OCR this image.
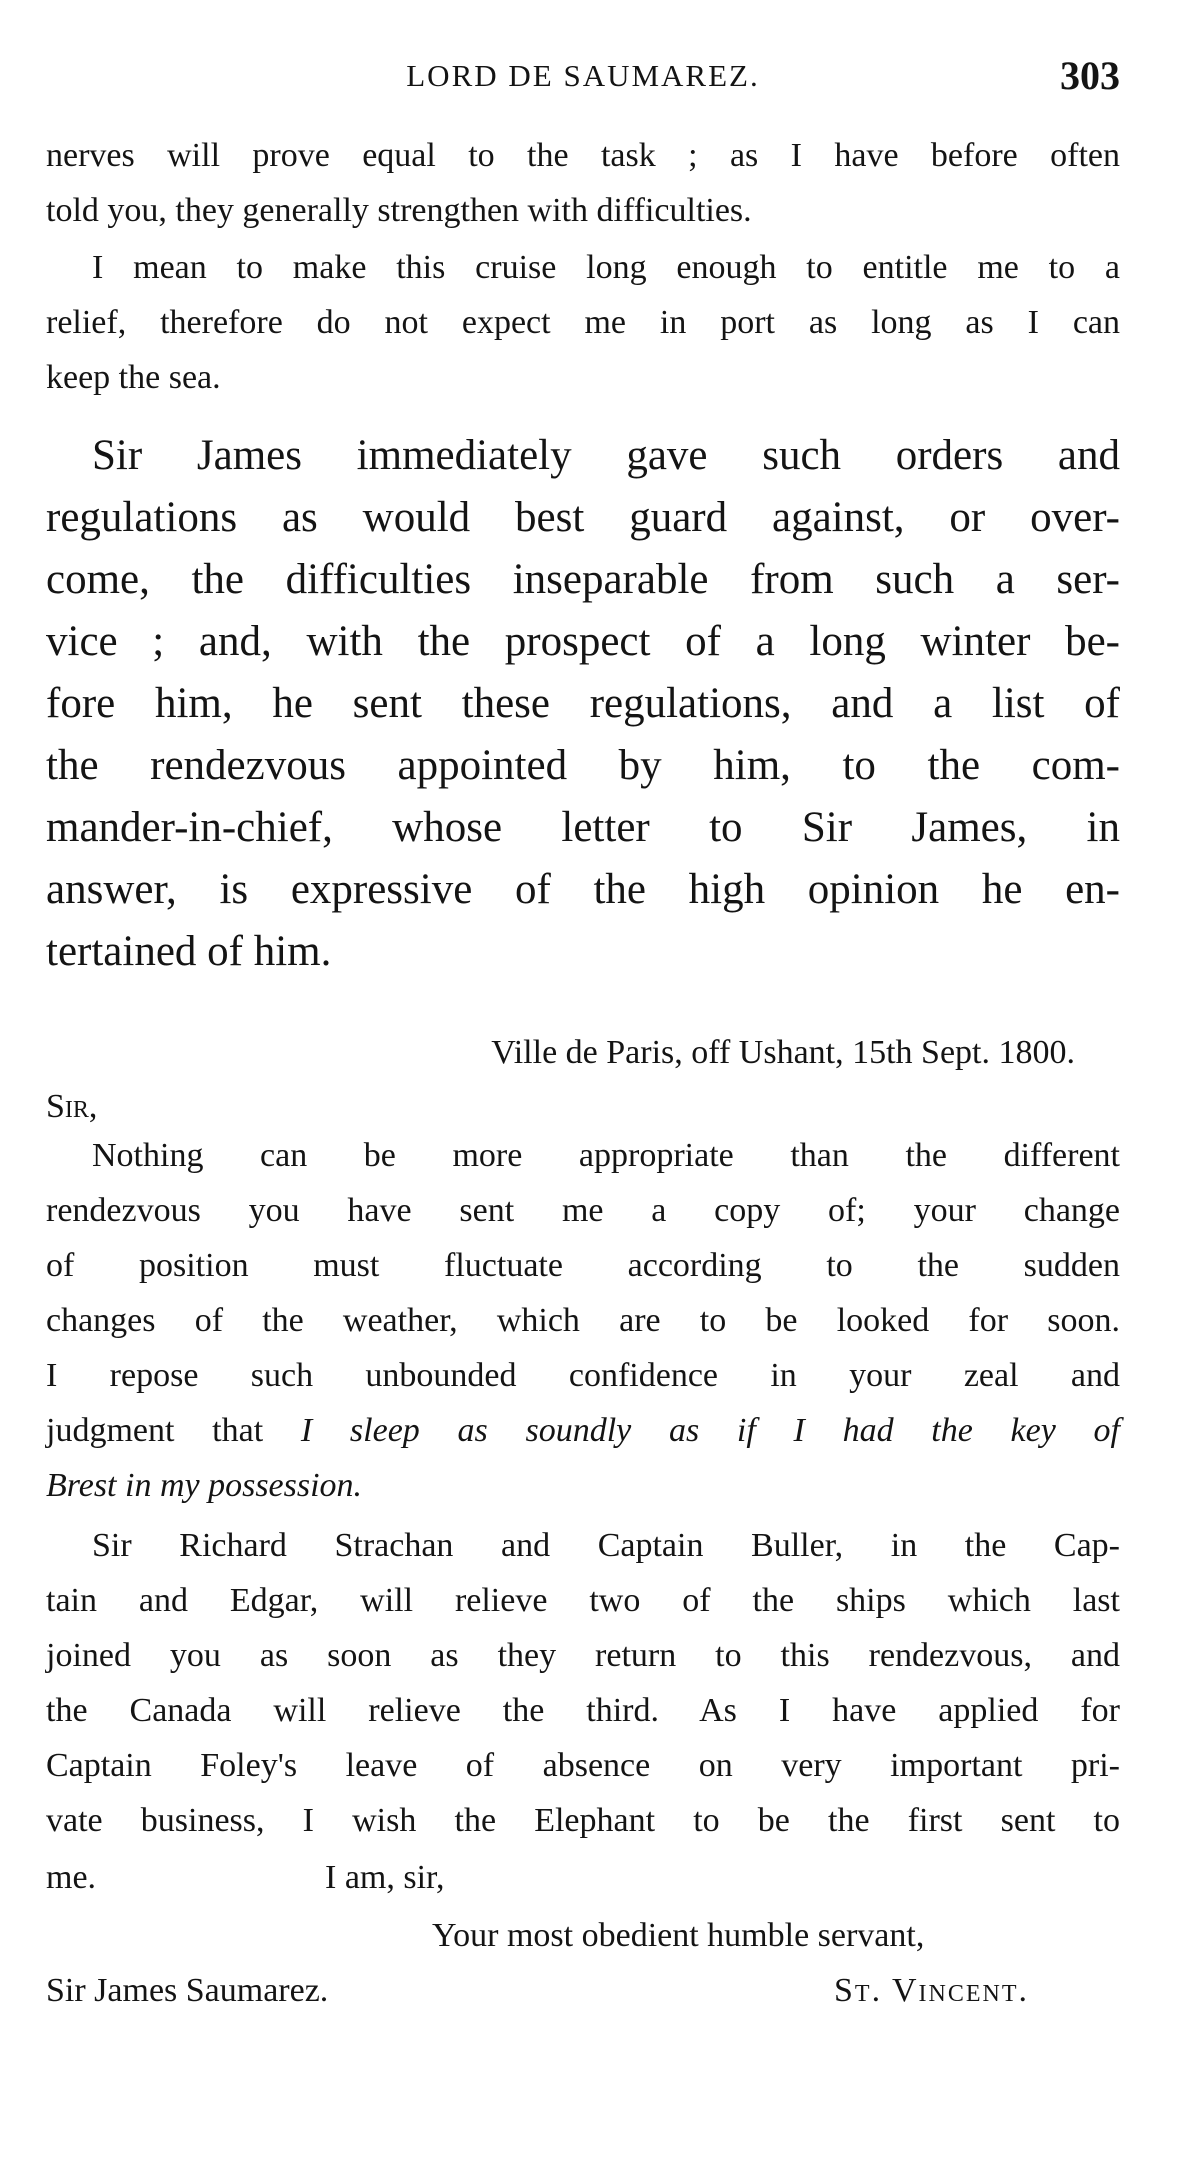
LORD DE SAUMAREZ.	303

nerves will prove equal to the task ; as I have before often
told you, they generally strengthen with difficulties.

I mean to make this cruise long enough to entitle me to a
relief, therefore do not expect me in port as long as I can
keep the sea.

Sir James immediately gave such orders and
regulations as would best guard against, or over-
come, the difficulties inseparable from such a ser-
vice ; and, with the prospect of a long winter be-
fore him, he sent these regulations, and a list of
the rendezvous appointed by him, to the com-
mander-in-chief, whose letter to Sir James, in
answer, is expressive of the high opinion he en-
tertained of him.

Ville de Paris, off Ushant, 15th Sept. 1800.
Sir,

Nothing can be more appropriate than the different
rendezvous you have sent me a copy of; your change
of position must fluctuate according to the sudden
changes of the weather, which are to be looked for soon.
I repose such unbounded confidence in your zeal and
judgment that I sleep as soundly as if I had the key of
Brest in my possession.

Sir Richard Strachan and Captain Buller, in the Cap-
tain and Edgar, will relieve two of the ships which last
joined you as soon as they return to this rendezvous, and
the Canada will relieve the third. As I have applied for
Captain Foley's leave of absence on very important pri-
vate business, I wish the Elephant to be the first sent to

me.	I am, sir,
Your most obedient humble servant,
Sir James Saumarez.	St. Vincent.
